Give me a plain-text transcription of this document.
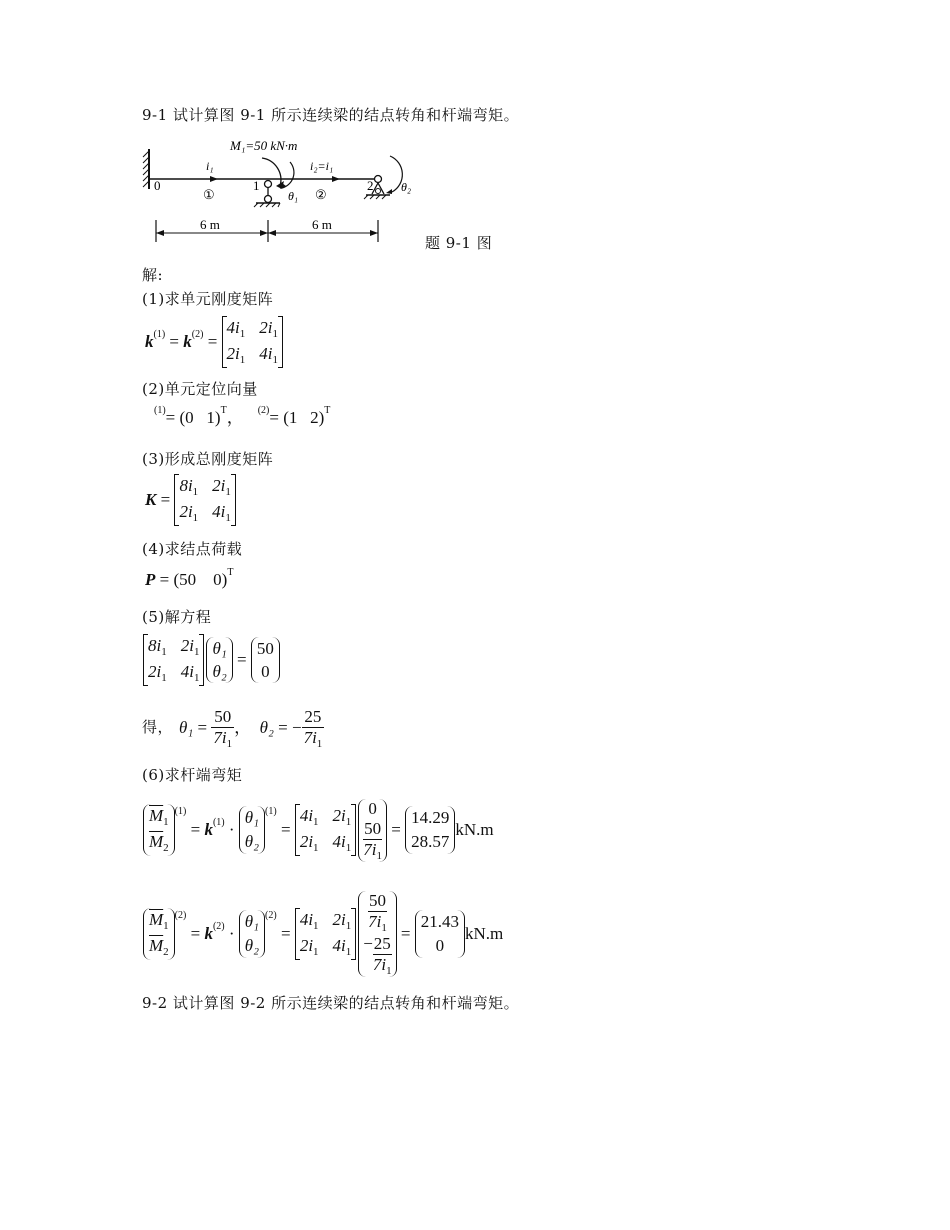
9-1 试计算图 9-1 所示连续梁的结点转角和杆端弯矩。
M₁=50 kN·m
i₁	i₂=i₁
0	1	2
①	②
θ₁
θ₂
6 m	6 m
题 9-1 图
解:
(1)求单元刚度矩阵
k (1) = k (2) =
$4i_1$ $2i_1$
$2i_1$ $4i_1$
(2)单元定位向量
(1) = (0   1) T ， (2) = (1   2) T
(3)形成总刚度矩阵
K =
$8i_1$ $2i_1$
$2i_1$ $4i_1$
(4)求结点荷载
P
= (50    0) T
(5)解方程
$8i_1$ $2i_1$
$2i_1$ $4i_1$
θ₁
θ₂
=
50
0
得， $\theta_1 = \frac{50}{7i_1}$ ， θ₂ = − $\frac{25}{7i_1}$
(6)求杆端弯矩
$\overline{M}_1$
$\overline{M}_2$
(1)
= k (1) ·
θ₁
θ₂
(1)
=
$4i_1$ $2i_1$
$2i_1$ $4i_1$
0
50
$7i_1$
=
14.29
28.57
kN.m
$\overline{M}_1$
$\overline{M}_2$
(2)
= k (2) ·
θ₁
θ₂
(2)
=
$4i_1$ $2i_1$
$2i_1$ $4i_1$
$\frac{50}{7i_1}$

− $\frac{25}{7i_1}$
=
21.43
0
kN.m
9-2 试计算图 9-2 所示连续梁的结点转角和杆端弯矩。
